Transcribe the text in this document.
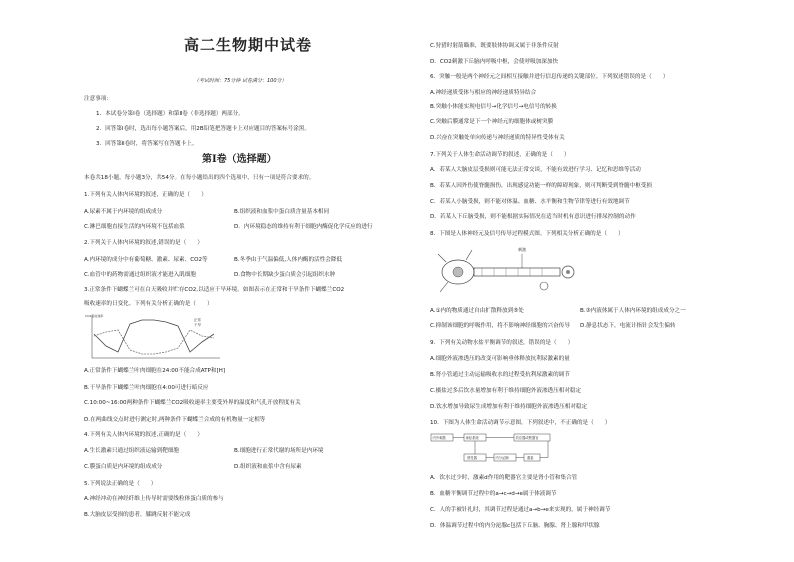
高二生物期中试卷
（考试时间：75分钟 试卷满分：100分）
注意事项：
1．本试卷分第Ⅰ卷（选择题）和第Ⅱ卷（非选择题）两部分。
2．回答第Ⅰ卷时，选出每小题答案后，用2B铅笔把答题卡上对应题目的答案标号涂黑。
3．回答第Ⅱ卷时，将答案写在答题卡上。
第Ⅰ卷（选择题）
本卷共18小题，每小题3分，共54分。在每小题给出的四个选项中，只有一项是符合要求的。
1.下列有关人体内环境的叙述，正确的是（　　）
A.尿素不属于内环境的组成成分	B.组织液和血浆中蛋白质含量基本相同
C.淋巴细胞直接生活的内环境不包括血浆	D．内环境稳态的维持有利于细胞内酶促化学反应的进行
2.下列关于人体内环境的叙述,错误的是（　　）
A.内环境的成分中有葡萄糖、激素、尿素、CO2等	B.冬季由于气温偏低,人体内酶的活性会降低
C.血管中的药物需通过组织液才能进入肌细胞	D.食物中长期缺少蛋白质会引起组织水肿
3.正常条件下蝴蝶兰可在白天吸收并贮存CO2,以适应干旱环境。如图表示在正常和干旱条件下蝴蝶兰CO2
吸收速率的日变化。下列有关分析正确的是（　　）
正常
干旱
CO2吸收速率
A.正常条件下蝴蝶兰叶肉细胞在24:00不能合成ATP和[H]
B.干旱条件下蝴蝶兰叶肉细胞在4:00可进行暗反应
C.10:00~16:00两种条件下蝴蝶兰CO2吸收速率主要受外界的温度和气孔开放程度有关
D.在两曲线交点时进行测定时,两种条件下蝴蝶兰合成的有机物量一定相等
4.下列有关人体内环境的叙述,正确的是（　　）
A.生长激素只通过组织液运输到靶细胞	B.细胞进行正常代谢的场所是内环境
C.膜蛋白质是内环境的组成成分	D.组织液和血浆中含有尿素
5.下列说法正确的是（　　）
A.神经冲动在神经纤维上传导时需要线粒体蛋白质的参与
B.大脑皮层受损的患者，膝跳反射不能完成
C.狩猎时射箭瞄准，既要肢体协调又属于非条件反射
D．CO2刺激下丘脑内呼吸中枢，会使呼吸加深加快
6．突触一般是两个神经元之间相互接触并进行信息传递的关键部位。下列叙述错误的是（　　）
A.神经递质受体与相应的神经递质特异结合
B.突触小体能实现电信号→化学信号→电信号的转换
C.突触后膜通常是下一个神经元的细胞体或树突膜
D.兴奋在突触处单向传递与神经递质的特异性受体有关
7.下列关于人体生命活动调节的叙述，正确的是（　　）
A．若某人大脑皮层受损则可能无法正常交谈，不能有效进行学习、记忆和思维等活动
B．若某人因外伤使脊髓损伤，出现感觉功能一样的障碍现象，则可判断受到脊髓中枢受损
C．若某人小脑受损，则不能对体温、血糖、水平衡和生物节律等进行有效地调节
D．若某人下丘脑受损，则不能根据实际情况在适当时机有意识进行排尿控制的动作
8．下图是人体神经元及信号传导过程模式图。下列相关分析正确的是（　　）
刺激
A.①内的物质通过自由扩散释放到⑤处	B.③内液体属于人体内环境的组成成分之一
C.抑制该细胞的呼吸作用，将不影响神经细胞的兴奋传导 D.静息状态下，电流计指针会发生偏转
9．下列有关动物水盐平衡调节的叙述，错误的是（　　）
A.细胞外液渗透压的改变可影响垂体释放抗利尿激素的量
B.肾小管通过主动运输吸收水的过程受抗利尿激素的调节
C.摄盐过多后饮水量增加有利于维持细胞外液渗透压相对稳定
D.饮水增加导致尿生成增加有利于维持细胞外液渗透压相对稳定
10．下图为人体生命活动调节示意图，下列叙述中，不正确的是（　　）
内外刺激	神经系统
感受器	内分泌腺	激素
效应器或靶器官
A．饮水过少时，激素d作用的靶器官主要是肾小管和集合管
B．血糖平衡调节过程中的a→c→d→e属于体液调节
C．人的手被针扎时，其调节过程是通过a→b→e来实现的，属于神经调节
D．体温调节过程中的内分泌腺c包括下丘脑、胸腺、肾上腺和甲状腺
